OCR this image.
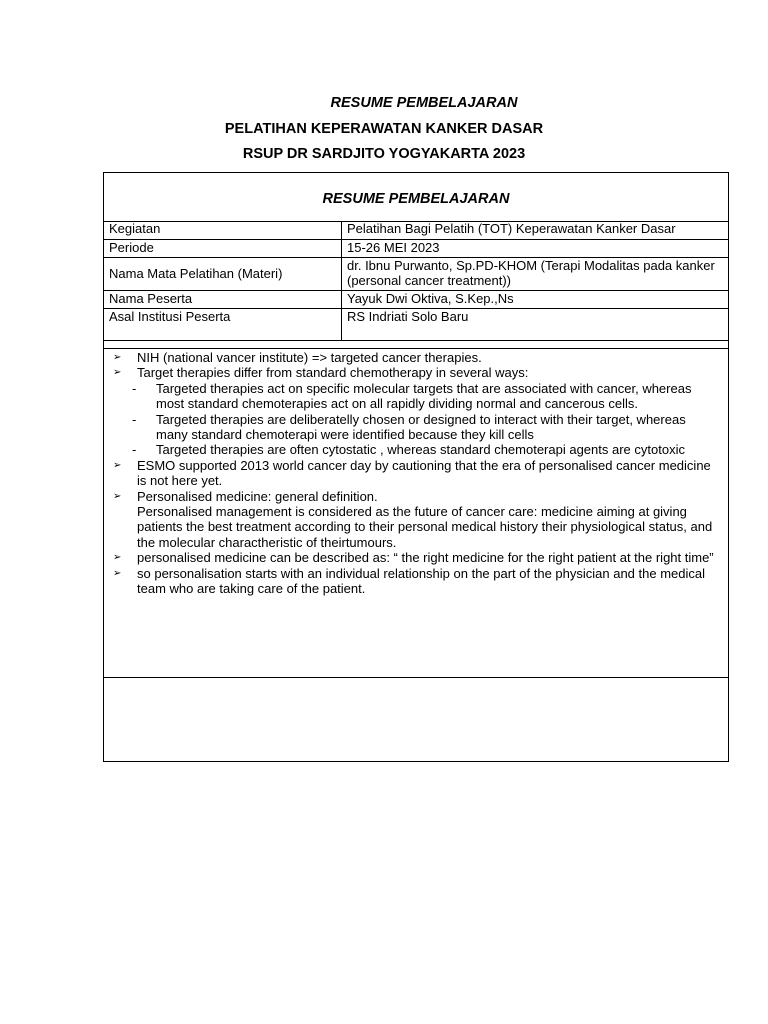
RESUME PEMBELAJARAN
PELATIHAN KEPERAWATAN KANKER DASAR
RSUP DR SARDJITO YOGYAKARTA 2023
RESUME PEMBELAJARAN
Kegiatan	Pelatihan Bagi Pelatih (TOT) Keperawatan Kanker Dasar
Periode	15-26 MEI 2023
Nama Mata Pelatihan (Materi)	dr. Ibnu Purwanto, Sp.PD-KHOM (Terapi Modalitas pada kanker (personal cancer treatment))
Nama Peserta	Yayuk Dwi Oktiva, S.Kep.,Ns
Asal Institusi Peserta	RS Indriati Solo Baru
➢ NIH (national vancer institute) => targeted cancer therapies.
➢ Target therapies differ from standard chemotherapy in several ways:
- Targeted therapies act on specific molecular targets that are associated with cancer, whereas most standard chemoterapies act on all rapidly dividing normal and cancerous cells.
- Targeted therapies are deliberatelly chosen or designed to interact with their target, whereas many standard chemoterapi were identified because they kill cells
- Targeted therapies are often cytostatic , whereas standard chemoterapi agents are cytotoxic
➢ ESMO supported 2013 world cancer day by cautioning that the era of personalised cancer medicine is not here yet.
➢ Personalised medicine: general definition.
Personalised management is considered as the future of cancer care: medicine aiming at giving patients the best treatment according to their personal medical history their physiological status, and the molecular charactheristic of theirtumours.
➢ personalised medicine can be described as: “ the right medicine for the right patient at the right time”
➢ so personalisation starts with an individual relationship on the part of the physician and the medical team who are taking care of the patient.
